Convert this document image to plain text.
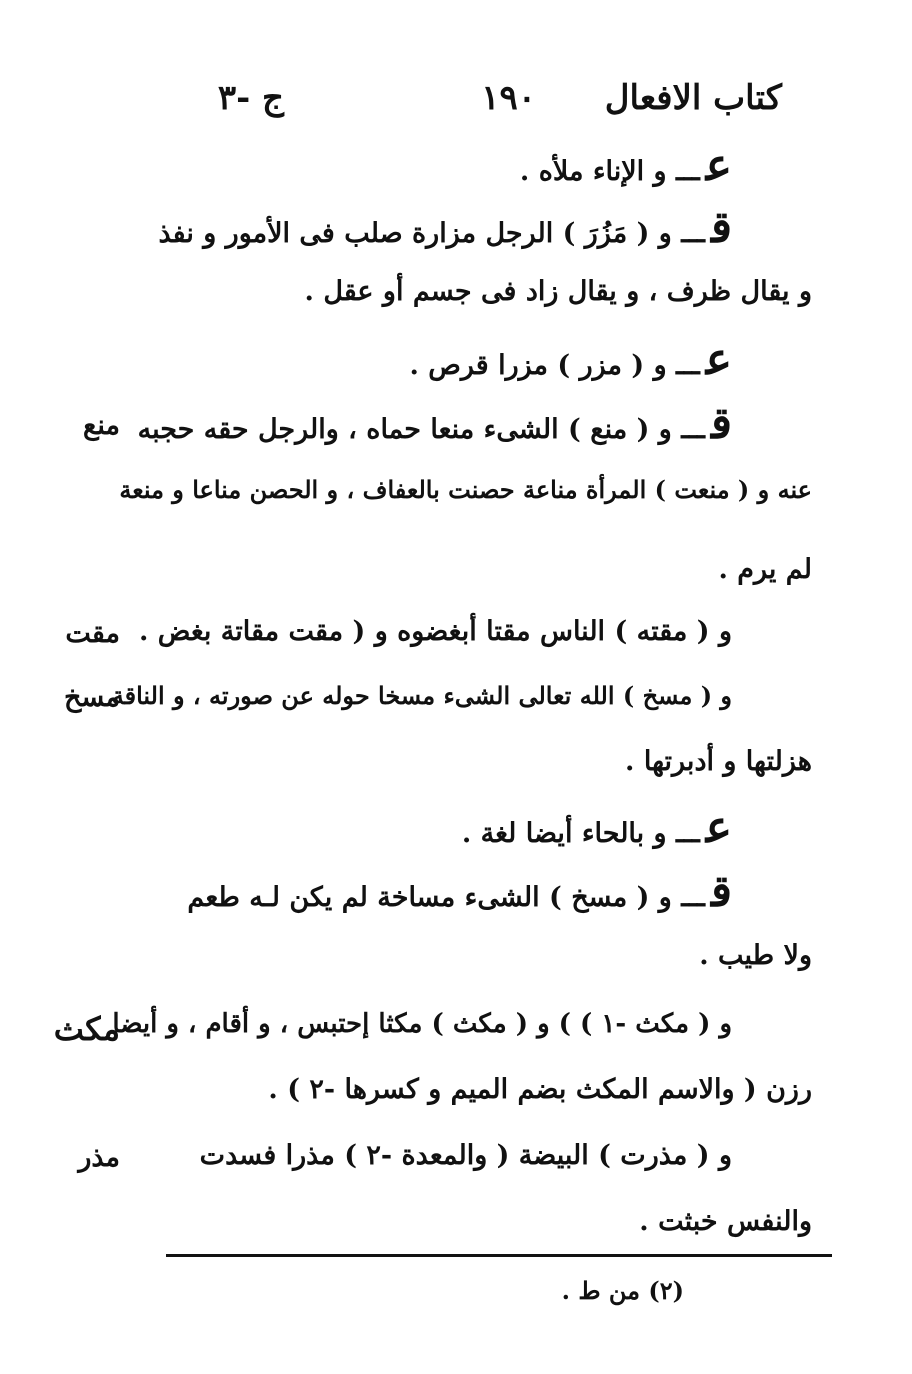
كتاب الافعال
١٩٠
ج -٣
عـــ و الإناء ملأه .
قـــ و ( مَزُرَ ) الرجل مزارة صلب فى الأمور و نفذ
و يقال ظرف ، و يقال زاد فى جسم أو عقل .
عـــ و ( مزر ) مزرا قرص .
قـــ و ( منع ) الشىء منعا حماه ، والرجل حقه حجبه
منع
عنه و ( منعت ) المرأة مناعة حصنت بالعفاف ، و الحصن مناعا و منعة
لم يرم .
و ( مقته ) الناس مقتا أبغضوه و ( مقت مقاتة بغض .
مقت
و ( مسخ ) الله تعالى الشىء مسخا حوله عن صورته ، و الناقة
مسخ
هزلتها و أدبرتها .
عـــ و بالحاء أيضا لغة .
قـــ و ( مسخ ) الشىء مساخة لم يكن لـه طعم
ولا طيب .
و ( مكث -١ ) ) و ( مكث ) مكثا إحتبس ، و أقام ، و أيضا
مكث
رزن ( والاسم المكث بضم الميم و كسرها -٢ ) .
و ( مذرت ) البيضة ( والمعدة -٢ ) مذرا فسدت
مذر
والنفس خبثت .
(٢) من ط .
